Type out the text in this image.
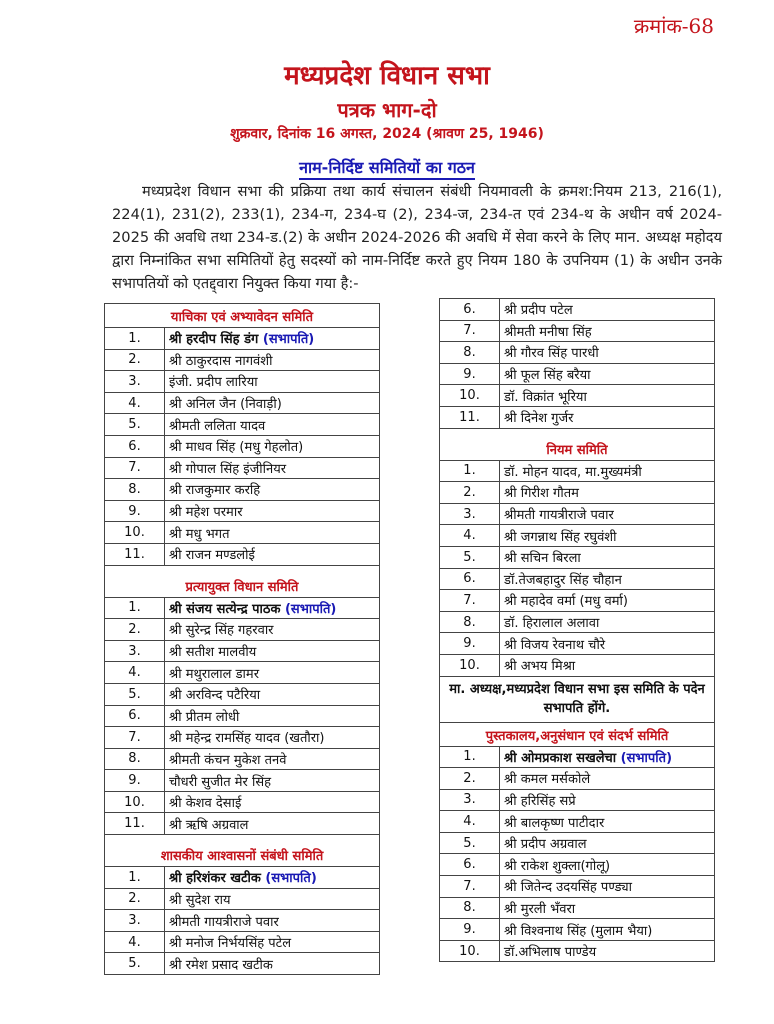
क्रमांक-68
मध्यप्रदेश विधान सभा
पत्रक भाग-दो
शुक्रवार, दिनांक 16 अगस्त, 2024 (श्रावण 25, 1946)
नाम-निर्दिष्ट समितियों का गठन
मध्यप्रदेश विधान सभा की प्रक्रिया तथा कार्य संचालन संबंधी नियमावली के क्रमश:नियम 213, 216(1), 224(1), 231(2), 233(1), 234-ग, 234-घ (2), 234-ज, 234-त एवं 234-थ के अधीन वर्ष 2024-2025 की अवधि तथा 234-ड.(2) के अधीन 2024-2026 की अवधि में सेवा करने के लिए मान. अध्यक्ष महोदय द्वारा निम्नांकित सभा समितियों हेतु सदस्यों को नाम-निर्दिष्ट करते हुए नियम 180 के उपनियम (1) के अधीन उनके सभापतियों को एतद्द्वारा नियुक्त किया गया है:-
याचिका एवं अभ्यावेदन समिति	
1.	श्री हरदीप सिंह डंग (सभापति)
2.	श्री ठाकुरदास नागवंशी
3.	इंजी. प्रदीप लारिया
4.	श्री अनिल जैन (निवाड़ी)
5.	श्रीमती ललिता यादव
6.	श्री माधव सिंह (मधु गेहलोत)
7.	श्री गोपाल सिंह इंजीनियर
8.	श्री राजकुमार करहि
9.	श्री महेश परमार
10.	श्री मधु भगत
11.	श्री राजन मण्डलोई
प्रत्यायुक्त विधान समिति	
1.	श्री संजय सत्येन्द्र पाठक (सभापति)
2.	श्री सुरेन्द्र सिंह गहरवार
3.	श्री सतीश मालवीय
4.	श्री मथुरालाल डामर
5.	श्री अरविन्द पटैरिया
6.	श्री प्रीतम लोधी
7.	श्री महेन्द्र रामसिंह यादव (खतौरा)
8.	श्रीमती कंचन मुकेश तनवे
9.	चौधरी सुजीत मेर सिंह
10.	श्री केशव देसाई
11.	श्री ऋषि अग्रवाल
शासकीय आश्वासनों संबंधी समिति	
1.	श्री हरिशंकर खटीक (सभापति)
2.	श्री सुदेश राय
3.	श्रीमती गायत्रीराजे पवार
4.	श्री मनोज निर्भयसिंह पटेल
5.	श्री रमेश प्रसाद खटीक
6.	श्री प्रदीप पटेल
7.	श्रीमती मनीषा सिंह
8.	श्री गौरव सिंह पारधी
9.	श्री फूल सिंह बरैया
10.	डॉ. विक्रांत भूरिया
11.	श्री दिनेश गुर्जर
नियम समिति	
1.	डॉ. मोहन यादव, मा.मुख्यमंत्री
2.	श्री गिरीश गौतम
3.	श्रीमती गायत्रीराजे पवार
4.	श्री जगन्नाथ सिंह रघुवंशी
5.	श्री सचिन बिरला
6.	डॉ.तेजबहादुर सिंह चौहान
7.	श्री महादेव वर्मा (मधु वर्मा)
8.	डॉ. हिरालाल अलावा
9.	श्री विजय रेवनाथ चौरे
10.	श्री अभय मिश्रा
मा. अध्यक्ष,मध्यप्रदेश विधान सभा इस समिति के पदेन सभापति होंगे.	
पुस्तकालय,अनुसंधान एवं संदर्भ समिति	
1.	श्री ओमप्रकाश सखलेचा (सभापति)
2.	श्री कमल मर्सकोले
3.	श्री हरिसिंह सप्रे
4.	श्री बालकृष्ण पाटीदार
5.	श्री प्रदीप अग्रवाल
6.	श्री राकेश शुक्ला(गोलू)
7.	श्री जितेन्द उदयसिंह पण्ड्या
8.	श्री मुरली भँवरा
9.	श्री विश्वनाथ सिंह (मुलाम भैया)
10.	डॉ.अभिलाष पाण्डेय
